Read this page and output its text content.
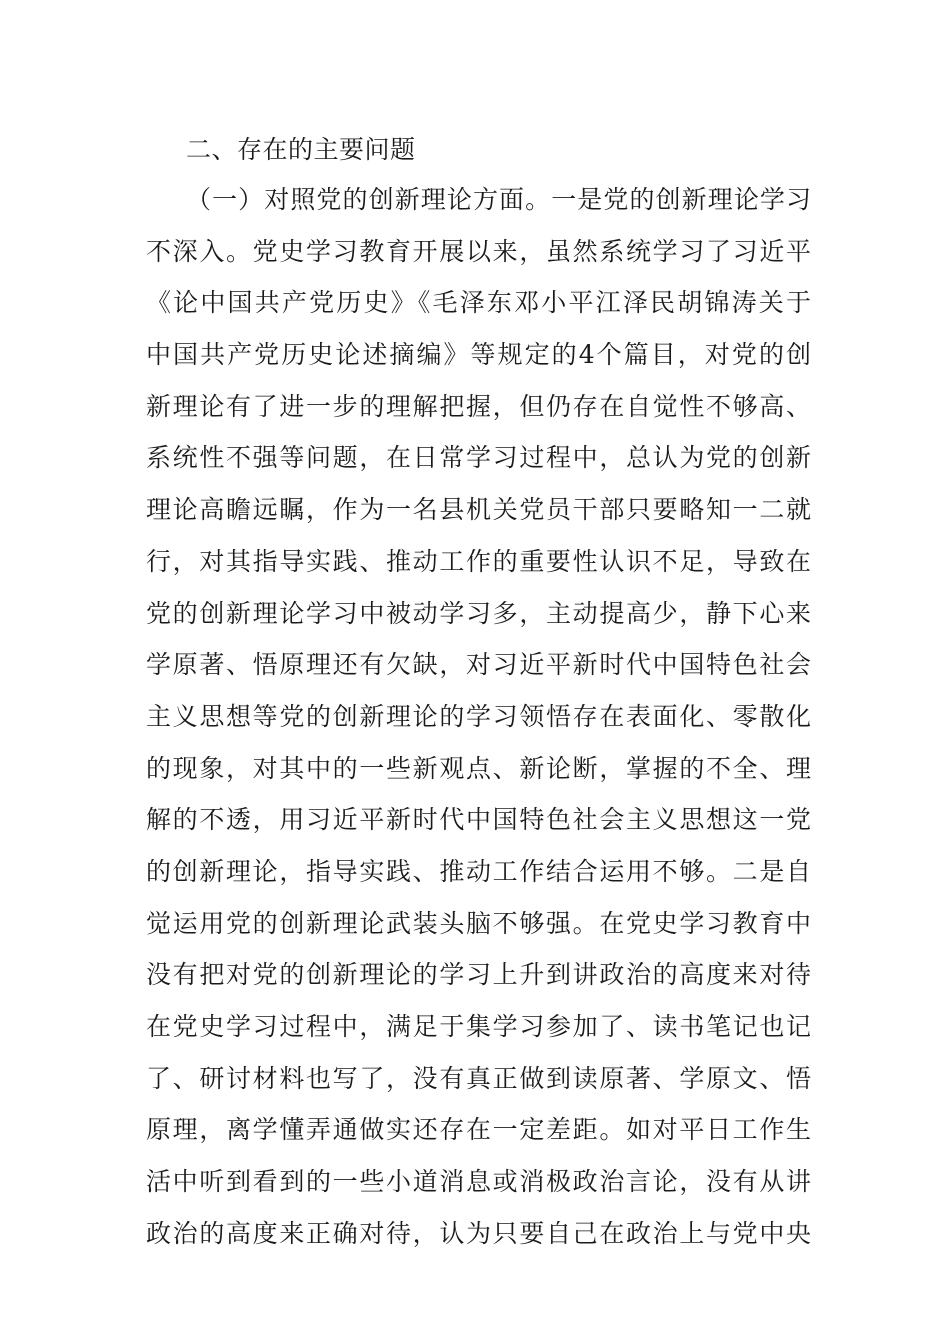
二、存在的主要问题
（一）对照党的创新理论方面。一是党的创新理论学习
不深入。党史学习教育开展以来，虽然系统学习了习近平
《论中国共产党历史》《毛泽东邓小平江泽民胡锦涛关于
中国共产党历史论述摘编》等规定的4个篇目，对党的创
新理论有了进一步的理解把握，但仍存在自觉性不够高、
系统性不强等问题，在日常学习过程中，总认为党的创新
理论高瞻远瞩，作为一名县机关党员干部只要略知一二就
行，对其指导实践、推动工作的重要性认识不足，导致在
党的创新理论学习中被动学习多，主动提高少，静下心来
学原著、悟原理还有欠缺，对习近平新时代中国特色社会
主义思想等党的创新理论的学习领悟存在表面化、零散化
的现象，对其中的一些新观点、新论断，掌握的不全、理
解的不透，用习近平新时代中国特色社会主义思想这一党
的创新理论，指导实践、推动工作结合运用不够。二是自
觉运用党的创新理论武装头脑不够强。在党史学习教育中
没有把对党的创新理论的学习上升到讲政治的高度来对待
在党史学习过程中，满足于集学习参加了、读书笔记也记
了、研讨材料也写了，没有真正做到读原著、学原文、悟
原理，离学懂弄通做实还存在一定差距。如对平日工作生
活中听到看到的一些小道消息或消极政治言论，没有从讲
政治的高度来正确对待，认为只要自己在政治上与党中央
